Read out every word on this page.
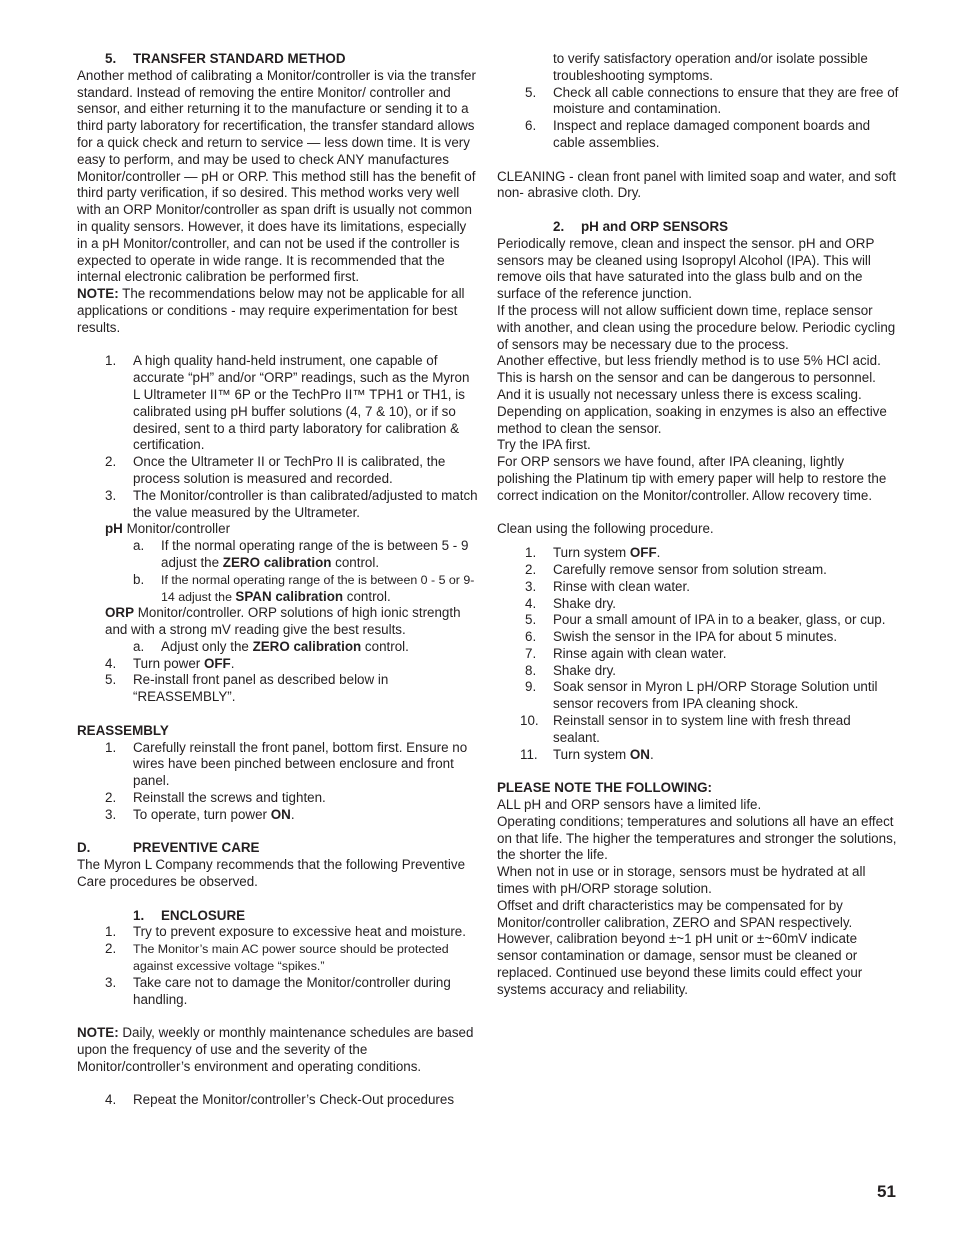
5. TRANSFER STANDARD METHOD

Another method of calibrating a Monitor/controller is via the transfer standard. Instead of removing the entire Monitor/ controller and sensor, and either returning it to the manufacture or sending it to a third party laboratory for recertification, the transfer standard allows for a quick check and return to service — less down time. It is very easy to perform, and may be used to check ANY manufactures Monitor/controller — pH or ORP. This method still has the benefit of third party verification, if so desired. This method works very well with an ORP Monitor/controller as span drift is usually not common in quality sensors. However, it does have its limitations, especially in a pH Monitor/controller, and can not be used if the controller is expected to operate in wide range. It is recommended that the internal electronic calibration be performed first.

NOTE: The recommendations below may not be applicable for all applications or conditions - may require experimentation for best results.

1.	A high quality hand-held instrument, one capable of accurate “pH” and/or “ORP” readings, such as the Myron L Ultrameter II™ 6P or the TechPro II™ TPH1 or TH1, is calibrated using pH buffer solutions (4, 7 & 10), or if so desired, sent to a third party laboratory for calibration & certification.
2.	Once the Ultrameter II or TechPro II is calibrated, the process solution is measured and recorded.
3.	The Monitor/controller is than calibrated/adjusted to match the value measured by the Ultrameter.

pH Monitor/controller

a.	If the normal operating range of the is between 5 - 9 adjust the ZERO calibration control.
b.	If the normal operating range of the is between 0 - 5 or 9-14 adjust the SPAN calibration control.

ORP Monitor/controller. ORP solutions of high ionic strength and with a strong mV reading give the best results.

a.	Adjust only the ZERO calibration control.
4.	Turn power OFF.
5.	Re-install front panel as described below in “REASSEMBLY”.

REASSEMBLY

1.	Carefully reinstall the front panel, bottom first. Ensure no wires have been pinched between enclosure and front panel.
2.	Reinstall the screws and tighten.
3.	To operate, turn power ON.

D.	PREVENTIVE CARE

The Myron L Company recommends that the following Preventive Care procedures be observed.

1. ENCLOSURE

1.	Try to prevent exposure to excessive heat and moisture.
2.	The Monitor’s main AC power source should be protected against excessive voltage “spikes.”
3.	Take care not to damage the Monitor/controller during handling.

NOTE: Daily, weekly or monthly maintenance schedules are based upon the frequency of use and the severity of the Monitor/controller’s environment and operating conditions.

4.	Repeat the Monitor/controller’s Check-Out procedures
to verify satisfactory operation and/or isolate possible troubleshooting symptoms.
5.	Check all cable connections to ensure that they are free of moisture and contamination.
6.	Inspect and replace damaged component boards and cable assemblies.

CLEANING - clean front panel with limited soap and water, and soft non- abrasive cloth. Dry.

2. pH and ORP SENSORS

Periodically remove, clean and inspect the sensor. pH and ORP sensors may be cleaned using Isopropyl Alcohol (IPA). This will remove oils that have saturated into the glass bulb and on the surface of the reference junction.

If the process will not allow sufficient down time, replace sensor with another, and clean using the procedure below. Periodic cycling of sensors may be necessary due to the process.

Another effective, but less friendly method is to use 5% HCl acid. This is harsh on the sensor and can be dangerous to personnel. And it is usually not necessary unless there is excess scaling.

Depending on application, soaking in enzymes is also an effective method to clean the sensor.

Try the IPA first.

For ORP sensors we have found, after IPA cleaning, lightly polishing the Platinum tip with emery paper will help to restore the correct indication on the Monitor/controller. Allow recovery time.

Clean using the following procedure.

1.	Turn system OFF.
2.	Carefully remove sensor from solution stream.
3.	Rinse with clean water.
4.	Shake dry.
5.	Pour a small amount of IPA in to a beaker, glass, or cup.
6.	Swish the sensor in the IPA for about 5 minutes.
7.	Rinse again with clean water.
8.	Shake dry.
9.	Soak sensor in Myron L pH/ORP Storage Solution until sensor recovers from IPA cleaning shock.
10.	Reinstall sensor in to system line with fresh thread sealant.
11.	Turn system ON.

PLEASE NOTE THE FOLLOWING:

ALL pH and ORP sensors have a limited life.

Operating conditions; temperatures and solutions all have an effect on that life. The higher the temperatures and stronger the solutions, the shorter the life.

When not in use or in storage, sensors must be hydrated at all times with pH/ORP storage solution.

Offset and drift characteristics may be compensated for by Monitor/controller calibration, ZERO and SPAN respectively. However, calibration beyond ±~1 pH unit or ±~60mV indicate sensor contamination or damage, sensor must be cleaned or replaced. Continued use beyond these limits could effect your systems accuracy and reliability.

51
